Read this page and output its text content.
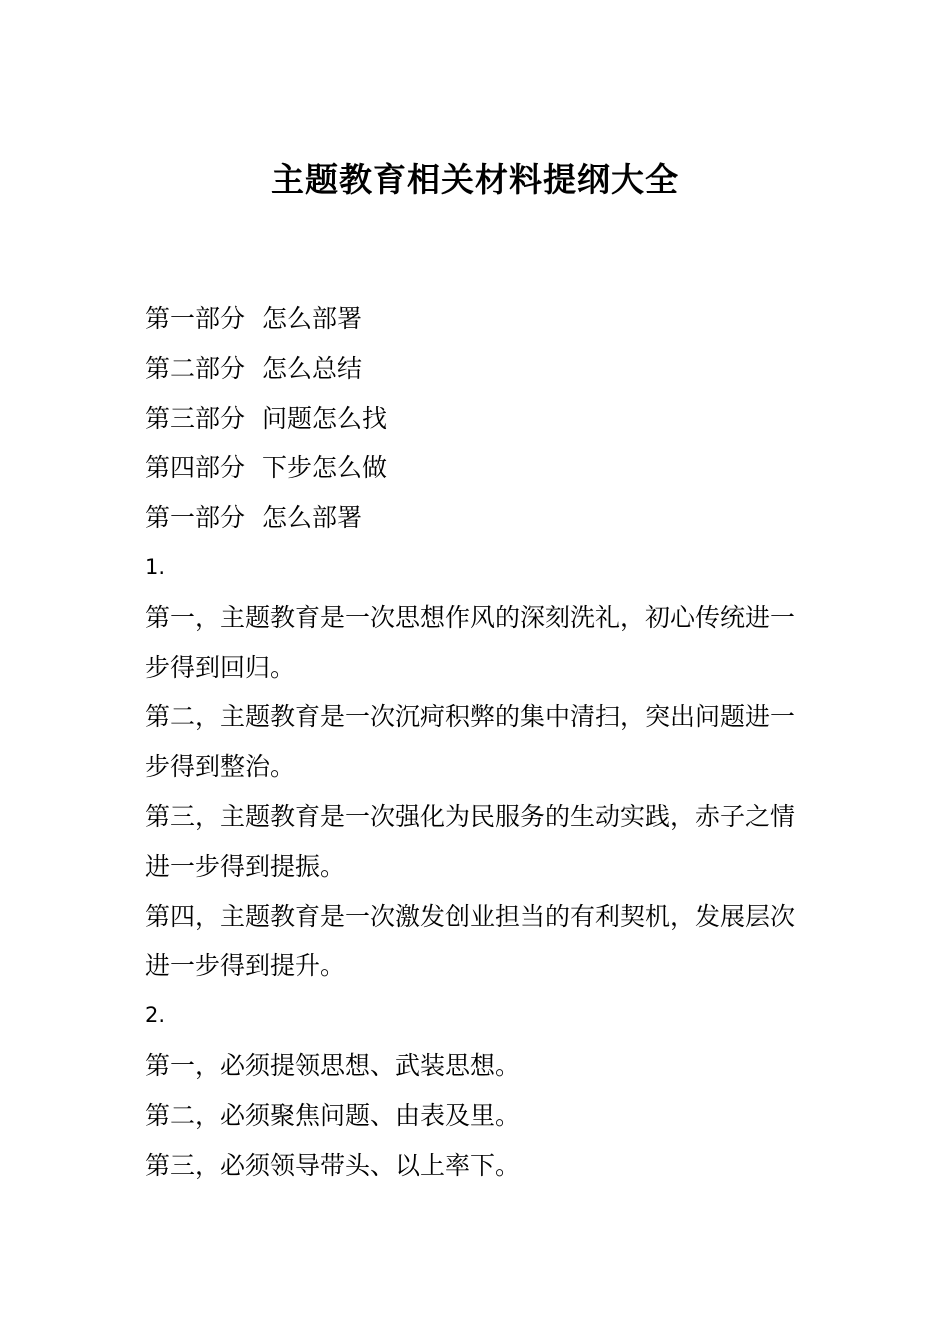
主题教育相关材料提纲大全
第一部分 怎么部署
第二部分 怎么总结
第三部分 问题怎么找
第四部分 下步怎么做
第一部分 怎么部署
1.
第一，主题教育是一次思想作风的深刻洗礼，初心传统进一步得到回归。
第二，主题教育是一次沉疴积弊的集中清扫，突出问题进一步得到整治。
第三，主题教育是一次强化为民服务的生动实践，赤子之情进一步得到提振。
第四，主题教育是一次激发创业担当的有利契机，发展层次进一步得到提升。
2.
第一，必须提领思想、武装思想。
第二，必须聚焦问题、由表及里。
第三，必须领导带头、以上率下。
